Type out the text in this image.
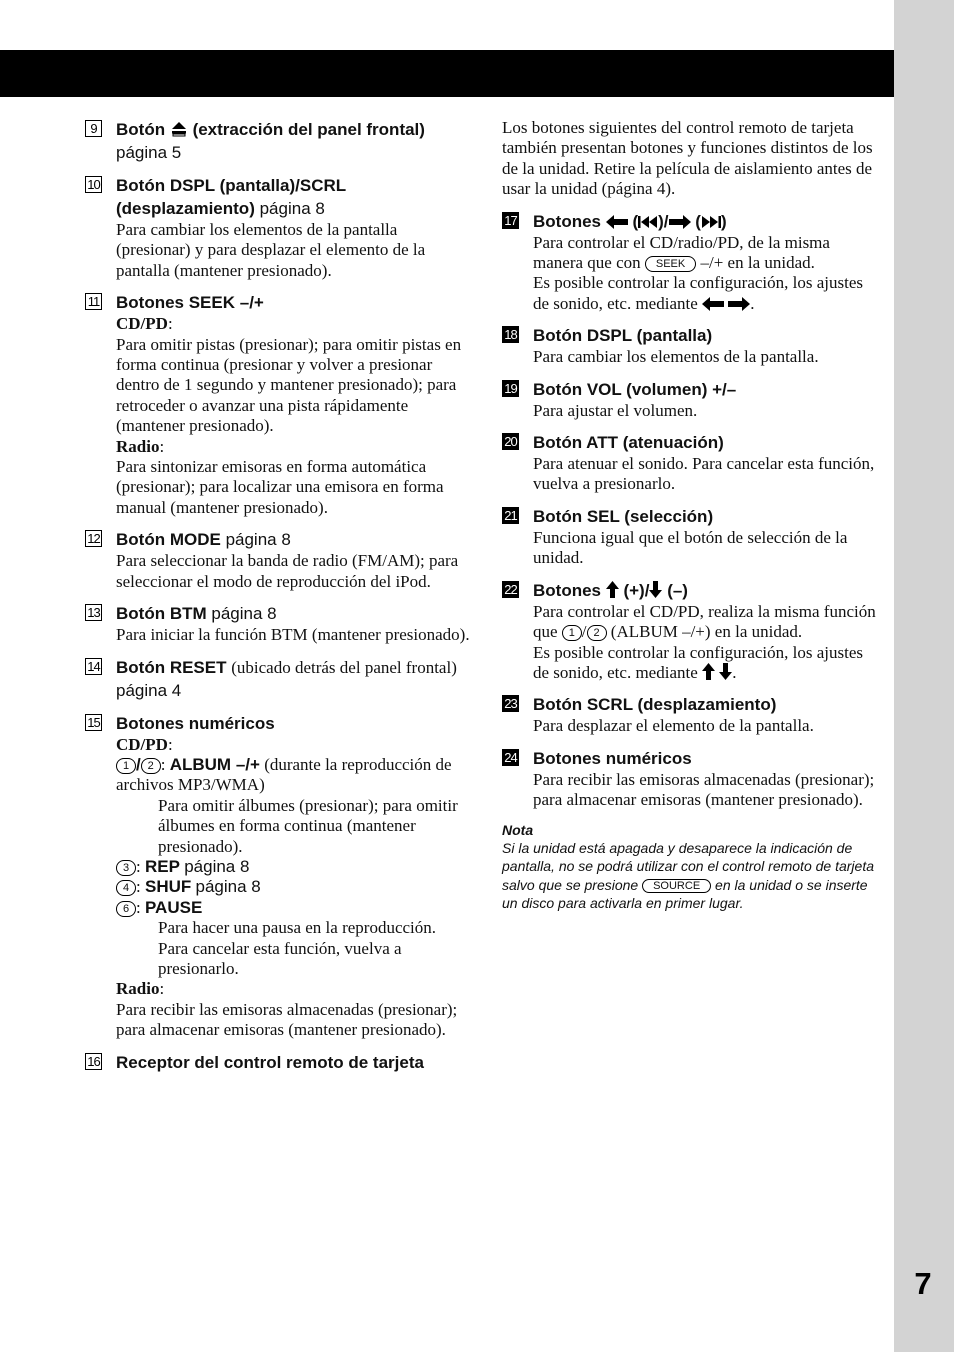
7
9	Botón (extracción del panel frontal) página 5
10 Botón DSPL (pantalla)/SCRL (desplazamiento) página 8

Para cambiar los elementos de la pantalla (presionar) y para desplazar el elemento de la pantalla (mantener presionado).

11 Botones SEEK –/+

CD/PD:

Para omitir pistas (presionar); para omitir pistas en forma continua (presionar y volver a presionar dentro de 1 segundo y mantener presionado); para retroceder o avanzar una pista rápidamente (mantener presionado).

Radio:

Para sintonizar emisoras en forma automática (presionar); para localizar una emisora en forma manual (mantener presionado).

12 Botón MODE página 8

Para seleccionar la banda de radio (FM/AM); para seleccionar el modo de reproducción del iPod.

13 Botón BTM página 8

Para iniciar la función BTM (mantener presionado).

14 Botón RESET (ubicado detrás del panel frontal) página 4
15 Botones numéricos

CD/PD:

1 / 2 : ALBUM –/+ (durante la reproducción de archivos MP3/WMA)

Para omitir álbumes (presionar); para omitir álbumes en forma continua (mantener presionado).

3 : REP página 8

4 : SHUF página 8

6 : PAUSE

Para hacer una pausa en la reproducción. Para cancelar esta función, vuelva a presionarlo.

Radio:

Para recibir las emisoras almacenadas (presionar); para almacenar emisoras (mantener presionado).

16 Receptor del control remoto de tarjeta

Los botones siguientes del control remoto de tarjeta también presentan botones y funciones distintos de los de la unidad. Retire la película de aislamiento antes de usar la unidad (página 4).

17 Botones ( )/ ( )

Para controlar el CD/radio/PD, de la misma manera que con SEEK –/+ en la unidad.

Es posible controlar la configuración, los ajustes de sonido, etc. mediante	.

18 Botón DSPL (pantalla)

Para cambiar los elementos de la pantalla.

19 Botón VOL (volumen) +/–

Para ajustar el volumen.

20 Botón ATT (atenuación)

Para atenuar el sonido. Para cancelar esta función, vuelva a presionarlo.

21 Botón SEL (selección)

Funciona igual que el botón de selección de la unidad.

22 Botones (+)/ (–)

Para controlar el CD/PD, realiza la misma función que 1 / 2 (ALBUM –/+) en la unidad.

Es posible controlar la configuración, los ajustes de sonido, etc. mediante .

23 Botón SCRL (desplazamiento)

Para desplazar el elemento de la pantalla.

24 Botones numéricos

Para recibir las emisoras almacenadas (presionar); para almacenar emisoras (mantener presionado).

Nota
Si la unidad está apagada y desaparece la indicación de pantalla, no se podrá utilizar con el control remoto de tarjeta salvo que se presione SOURCE en la unidad o se inserte un disco para activarla en primer lugar.
